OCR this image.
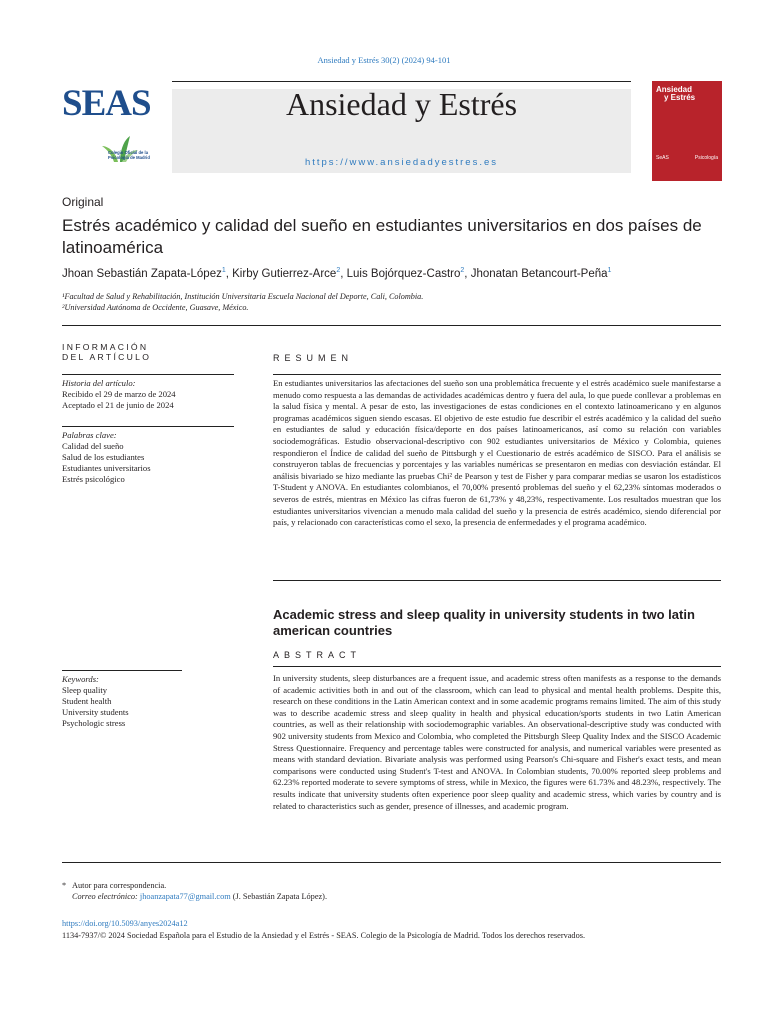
Ansiedad y Estrés 30(2) (2024) 94-101
SEAS
Colegio Oficial de la Psicología de Madrid
Ansiedad y Estrés
https://www.ansiedadyestres.es
Ansiedad
y Estrés
SeAS	Psicología
Original
Estrés académico y calidad del sueño en estudiantes universitarios en dos países de latinoamérica
Jhoan Sebastián Zapata-López$^1$, Kirby Gutierrez-Arce$^2$, Luis Bojórquez-Castro$^2$, Jhonatan Betancourt-Peña$^1$
¹Facultad de Salud y Rehabilitación, Institución Universitaria Escuela Nacional del Deporte, Cali, Colombia.
²Universidad Autónoma de Occidente, Guasave, México.
INFORMACIÓN
DEL ARTÍCULO
Historia del artículo:
Recibido el 29 de marzo de 2024
Aceptado el 21 de junio de 2024
Palabras clave:
Calidad del sueño
Salud de los estudiantes
Estudiantes universitarios
Estrés psicológico
Keywords:
Sleep quality
Student health
University students
Psychologic stress
RESUMEN
En estudiantes universitarios las afectaciones del sueño son una problemática frecuente y el estrés académico suele manifestarse a menudo como respuesta a las demandas de actividades académicas dentro y fuera del aula, lo que puede conllevar a problemas en la salud física y mental. A pesar de esto, las investigaciones de estas condiciones en el contexto latinoamericano y en algunos programas académicos siguen siendo escasas. El objetivo de este estudio fue describir el estrés académico y la calidad del sueño en estudiantes de salud y educación física/deporte en dos países latinoamericanos, así como su relación con variables sociodemográficas. Estudio observacional-descriptivo con 902 estudiantes universitarios de México y Colombia, quienes respondieron el Índice de calidad del sueño de Pittsburgh y el Cuestionario de estrés académico de SISCO. Para el análisis se construyeron tablas de frecuencias y porcentajes y las variables numéricas se presentaron en medias con desviación estándar. El análisis bivariado se hizo mediante las pruebas Chi² de Pearson y test de Fisher y para comparar medias se usaron los estadísticos T-Student y ANOVA. En estudiantes colombianos, el 70,00% presentó problemas del sueño y el 62,23% síntomas moderados o severos de estrés, mientras en México las cifras fueron de 61,73% y 48,23%, respectivamente. Los resultados muestran que los estudiantes universitarios vivencian a menudo mala calidad del sueño y la presencia de estrés académico, siendo diferencial por país, y relacionado con características como el sexo, la presencia de enfermedades y el programa académico.
Academic stress and sleep quality in university students in two latin american countries
ABSTRACT
In university students, sleep disturbances are a frequent issue, and academic stress often manifests as a response to the demands of academic activities both in and out of the classroom, which can lead to physical and mental health problems. Despite this, research on these conditions in the Latin American context and in some academic programs remains limited. The aim of this study was to describe academic stress and sleep quality in health and physical education/sports students in two Latin American countries, as well as their relationship with sociodemographic variables. An observational-descriptive study was conducted with 902 university students from Mexico and Colombia, who completed the Pittsburgh Sleep Quality Index and the SISCO Academic Stress Questionnaire. Frequency and percentage tables were constructed for analysis, and numerical variables were presented as means with standard deviation. Bivariate analysis was performed using Pearson's Chi-square and Fisher's exact tests, and mean comparisons were conducted using Student's T-test and ANOVA. In Colombian students, 70.00% reported sleep problems and 62.23% reported moderate to severe symptoms of stress, while in Mexico, the figures were 61.73% and 48.23%, respectively. The results indicate that university students often experience poor sleep quality and academic stress, which varies by country and is related to characteristics such as gender, presence of illnesses, and academic program.
* Autor para correspondencia.
Correo electrónico: jhoanzapata77@gmail.com (J. Sebastián Zapata López).
https://doi.org/10.5093/anyes2024a12
1134-7937/© 2024 Sociedad Española para el Estudio de la Ansiedad y el Estrés - SEAS. Colegio de la Psicología de Madrid. Todos los derechos reservados.
